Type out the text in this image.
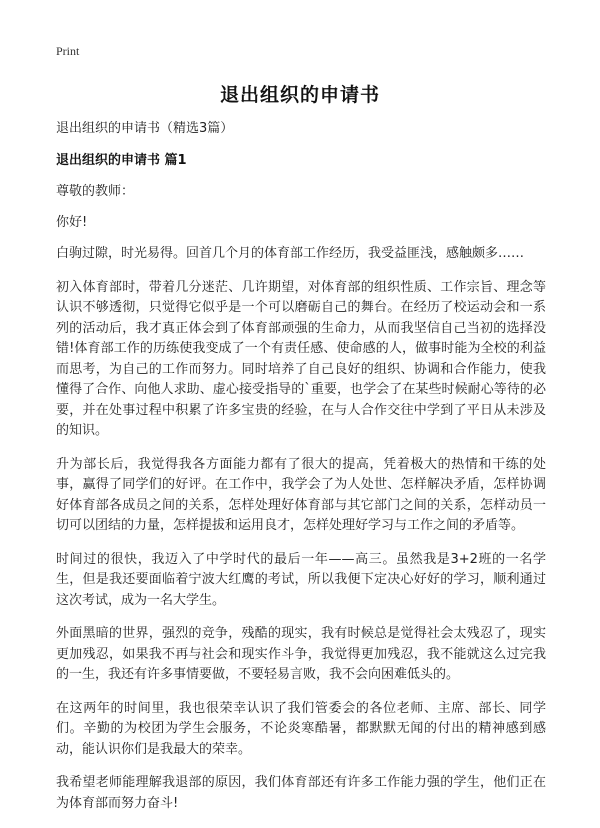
Print
退出组织的申请书

退出组织的申请书（精选3篇）

退出组织的申请书 篇1

尊敬的教师：

你好!

白驹过隙，时光易得。回首几个月的体育部工作经历，我受益匪浅，感触颇多……

初入体育部时，带着几分迷茫、几许期望，对体育部的组织性质、工作宗旨、理念等认识不够透彻，只觉得它似乎是一个可以磨砺自己的舞台。在经历了校运动会和一系列的活动后，我才真正体会到了体育部顽强的生命力，从而我坚信自己当初的选择没错!体育部工作的历练使我变成了一个有责任感、使命感的人，做事时能为全校的利益而思考，为自己的工作而努力。同时培养了自己良好的组织、协调和合作能力，使我懂得了合作、向他人求助、虚心接受指导的`重要，也学会了在某些时候耐心等待的必要，并在处事过程中积累了许多宝贵的经验，在与人合作交往中学到了平日从未涉及的知识。

升为部长后，我觉得我各方面能力都有了很大的提高，凭着极大的热情和干练的处事，赢得了同学们的好评。在工作中，我学会了为人处世、怎样解决矛盾，怎样协调好体育部各成员之间的关系，怎样处理好体育部与其它部门之间的关系，怎样动员一切可以团结的力量，怎样提拔和运用良才，怎样处理好学习与工作之间的矛盾等。

时间过的很快，我迈入了中学时代的最后一年——高三。虽然我是3+2班的一名学生，但是我还要面临着宁波大红鹰的考试，所以我便下定决心好好的学习，顺利通过这次考试，成为一名大学生。

外面黑暗的世界，强烈的竞争，残酷的现实，我有时候总是觉得社会太残忍了，现实更加残忍，如果我不再与社会和现实作斗争，我觉得更加残忍，我不能就这么过完我的一生，我还有许多事情要做，不要轻易言败，我不会向困难低头的。

在这两年的时间里，我也很荣幸认识了我们管委会的各位老师、主席、部长、同学们。辛勤的为校团为学生会服务，不论炎寒酷暑，都默默无闻的付出的精神感到感动，能认识你们是我最大的荣幸。

我希望老师能理解我退部的原因，我们体育部还有许多工作能力强的学生，他们正在为体育部而努力奋斗!
